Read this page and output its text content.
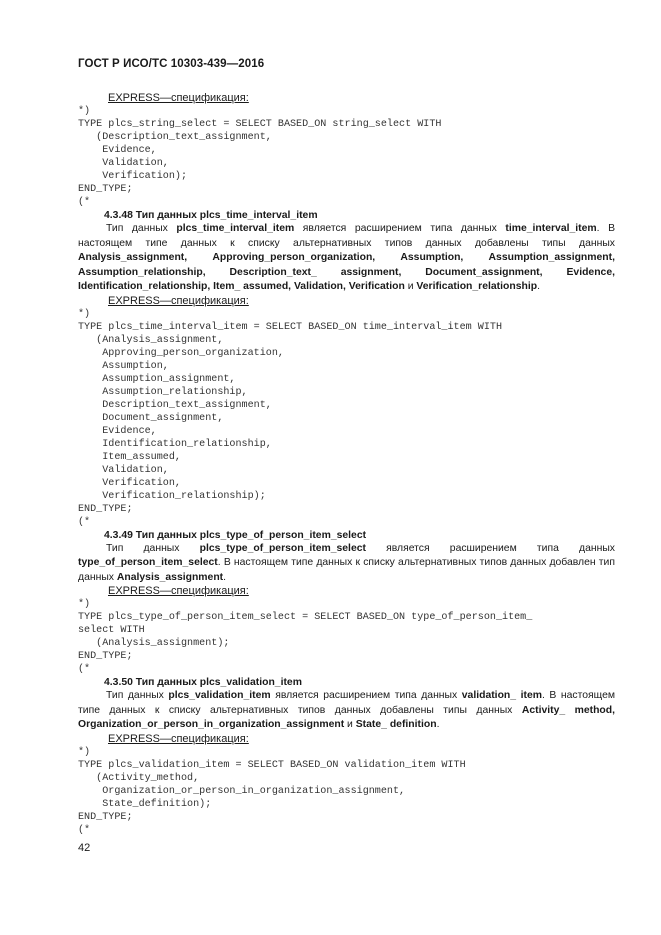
ГОСТ Р ИСО/ТС 10303-439—2016
EXPRESS—спецификация:
*)
TYPE plcs_string_select = SELECT BASED_ON string_select WITH
(Description_text_assignment,
Evidence,
Validation,
Verification);
END_TYPE;
(*
4.3.48 Тип данных plcs_time_interval_item
Тип данных plcs_time_interval_item является расширением типа данных time_interval_item. В настоящем типе данных к списку альтернативных типов данных добавлены типы данных Analysis_assignment, Approving_person_organization, Assumption, Assumption_assignment, Assumption_relationship, Description_text_ assignment, Document_assignment, Evidence, Identification_relationship, Item_ assumed, Validation, Verification и Verification_relationship.
EXPRESS—спецификация:
*)
TYPE plcs_time_interval_item = SELECT BASED_ON time_interval_item WITH
(Analysis_assignment,
Approving_person_organization,
Assumption,
Assumption_assignment,
Assumption_relationship,
Description_text_assignment,
Document_assignment,
Evidence,
Identification_relationship,
Item_assumed,
Validation,
Verification,
Verification_relationship);
END_TYPE;
(*
4.3.49 Тип данных plcs_type_of_person_item_select
Тип данных plcs_type_of_person_item_select является расширением типа данных type_of_person_item_select. В настоящем типе данных к списку альтернативных типов данных добавлен тип данных Analysis_assignment.
EXPRESS—спецификация:
*)
TYPE plcs_type_of_person_item_select = SELECT BASED_ON type_of_person_item_
select WITH
(Analysis_assignment);
END_TYPE;
(*
4.3.50 Тип данных plcs_validation_item
Тип данных plcs_validation_item является расширением типа данных validation_ item. В настоящем типе данных к списку альтернативных типов данных добавлены типы данных Activity_ method, Organization_or_person_in_organization_assignment и State_ definition.
EXPRESS—спецификация:
*)
TYPE plcs_validation_item = SELECT BASED_ON validation_item WITH
(Activity_method,
Organization_or_person_in_organization_assignment,
State_definition);
END_TYPE;
(*
42
